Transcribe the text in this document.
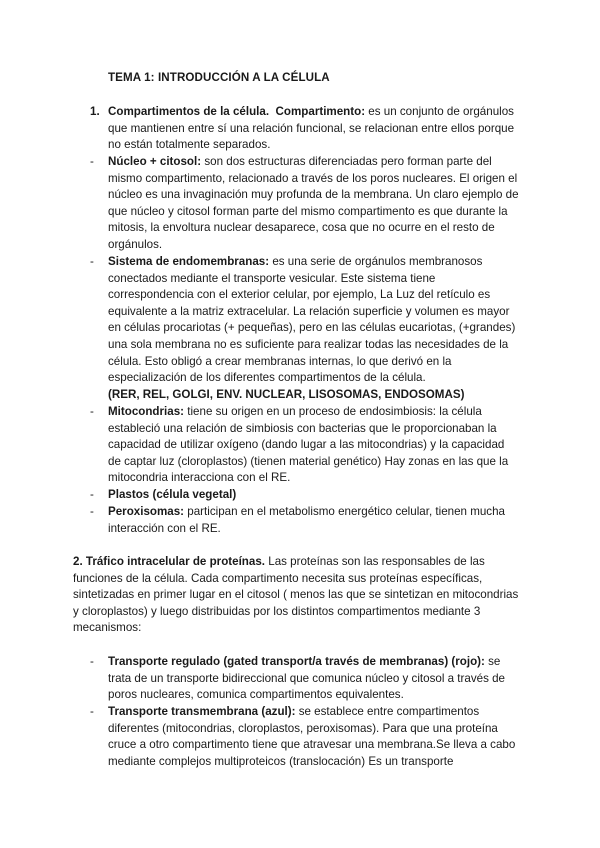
TEMA 1: INTRODUCCIÓN A LA CÉLULA
1. Compartimentos de la célula. Compartimento: es un conjunto de orgánulos que mantienen entre sí una relación funcional, se relacionan entre ellos porque no están totalmente separados.
-	Núcleo + citosol: son dos estructuras diferenciadas pero forman parte del mismo compartimento, relacionado a través de los poros nucleares. El origen el núcleo es una invaginación muy profunda de la membrana. Un claro ejemplo de que núcleo y citosol forman parte del mismo compartimento es que durante la mitosis, la envoltura nuclear desaparece, cosa que no ocurre en el resto de orgánulos.
-	Sistema de endomembranas: es una serie de orgánulos membranosos conectados mediante el transporte vesicular. Este sistema tiene correspondencia con el exterior celular, por ejemplo, La Luz del retículo es equivalente a la matriz extracelular. La relación superficie y volumen es mayor en células procariotas (+ pequeñas), pero en las células eucariotas, (+grandes) una sola membrana no es suficiente para realizar todas las necesidades de la célula. Esto obligó a crear membranas internas, lo que derivó en la especialización de los diferentes compartimentos de la célula.
(RER, REL, GOLGI, ENV. NUCLEAR, LISOSOMAS, ENDOSOMAS)
-	Mitocondrias: tiene su origen en un proceso de endosimbiosis: la célula estableció una relación de simbiosis con bacterias que le proporcionaban la capacidad de utilizar oxígeno (dando lugar a las mitocondrias) y la capacidad de captar luz (cloroplastos) (tienen material genético) Hay zonas en las que la mitocondria interacciona con el RE.
-	Plastos (célula vegetal)
-	Peroxisomas: participan en el metabolismo energético celular, tienen mucha interacción con el RE.
2. Tráfico intracelular de proteínas. Las proteínas son las responsables de las funciones de la célula. Cada compartimento necesita sus proteínas específicas, sintetizadas en primer lugar en el citosol ( menos las que se sintetizan en mitocondrias y cloroplastos) y luego distribuidas por los distintos compartimentos mediante 3 mecanismos:
-	Transporte regulado (gated transport/a través de membranas) (rojo): se trata de un transporte bidireccional que comunica núcleo y citosol a través de poros nucleares, comunica compartimentos equivalentes.
-	Transporte transmembrana (azul): se establece entre compartimentos diferentes (mitocondrias, cloroplastos, peroxisomas). Para que una proteína cruce a otro compartimento tiene que atravesar una membrana.Se lleva a cabo mediante complejos multiproteicos (translocación) Es un transporte
